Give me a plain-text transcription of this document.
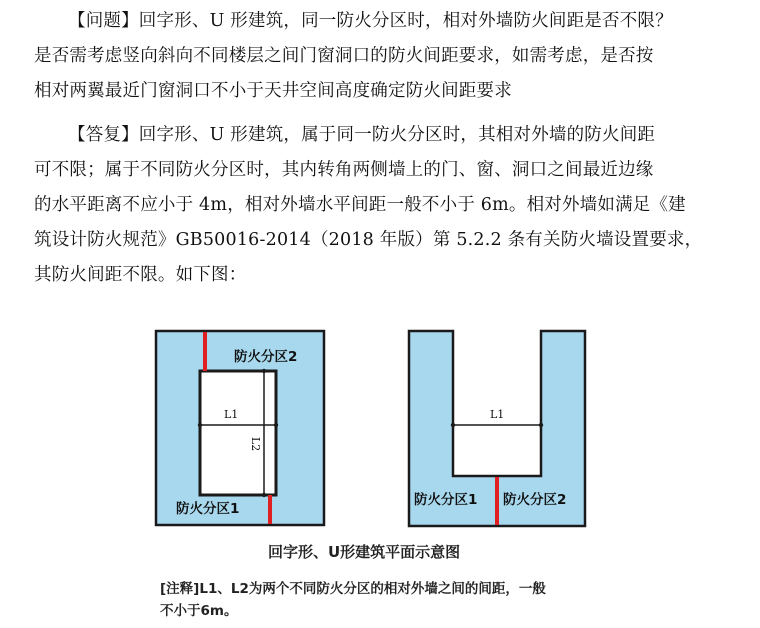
【问题】回字形、U 形建筑，同一防火分区时，相对外墙防火间距是否不限？
是否需考虑竖向斜向不同楼层之间门窗洞口的防火间距要求，如需考虑，是否按
相对两翼最近门窗洞口不小于天井空间高度确定防火间距要求
【答复】回字形、U 形建筑，属于同一防火分区时，其相对外墙的防火间距
可不限；属于不同防火分区时，其内转角两侧墙上的门、窗、洞口之间最近边缘
的水平距离不应小于 4m，相对外墙水平间距一般不小于 6m。相对外墙如满足《建
筑设计防火规范》GB50016-2014（2018 年版）第 5.2.2 条有关防火墙设置要求，
其防火间距不限。如下图：
防火分区2
防火分区1
L1
L2
L1
防火分区1 防火分区2
回字形、U形建筑平面示意图
[注释]L1、L2为两个不同防火分区的相对外墙之间的间距，一般
不小于6m。
